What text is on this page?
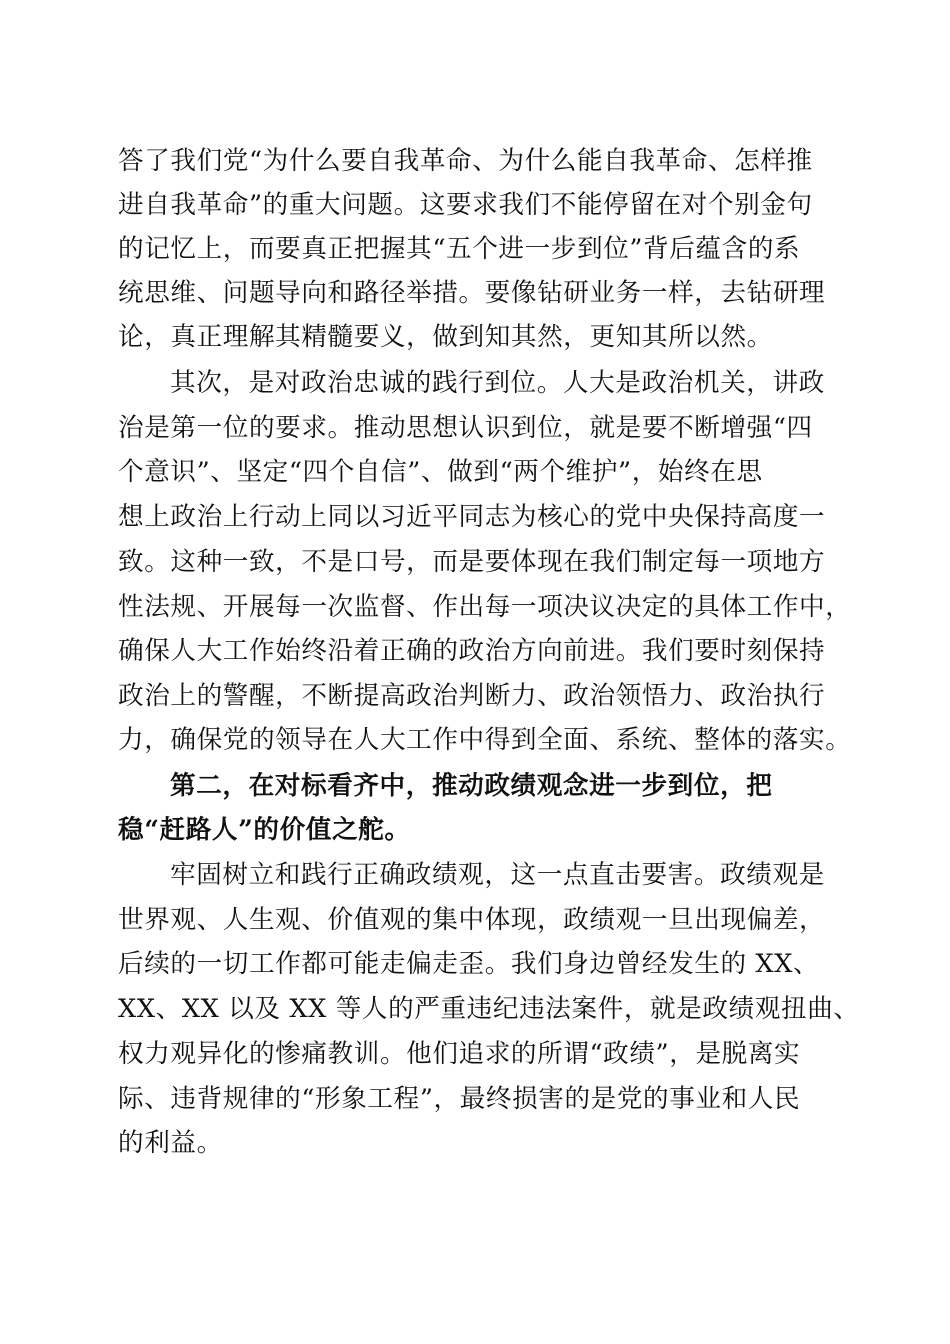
答了我们党“为什么要自我革命、为什么能自我革命、怎样推
进自我革命”的重大问题。这要求我们不能停留在对个别金句
的记忆上，而要真正把握其“五个进一步到位”背后蕴含的系
统思维、问题导向和路径举措。要像钻研业务一样，去钻研理
论，真正理解其精髓要义，做到知其然，更知其所以然。
其次，是对政治忠诚的践行到位。人大是政治机关，讲政
治是第一位的要求。推动思想认识到位，就是要不断增强“四
个意识”、坚定“四个自信”、做到“两个维护”，始终在思
想上政治上行动上同以习近平同志为核心的党中央保持高度一
致。这种一致，不是口号，而是要体现在我们制定每一项地方
性法规、开展每一次监督、作出每一项决议决定的具体工作中，
确保人大工作始终沿着正确的政治方向前进。我们要时刻保持
政治上的警醒，不断提高政治判断力、政治领悟力、政治执行
力，确保党的领导在人大工作中得到全面、系统、整体的落实。
第二，在对标看齐中，推动政绩观念进一步到位，把
稳“赶路人”的价值之舵。
牢固树立和践行正确政绩观，这一点直击要害。政绩观是
世界观、人生观、价值观的集中体现，政绩观一旦出现偏差，
后续的一切工作都可能走偏走歪。我们身边曾经发生的 XX、
XX、XX 以及 XX 等人的严重违纪违法案件，就是政绩观扭曲、
权力观异化的惨痛教训。他们追求的所谓“政绩”，是脱离实
际、违背规律的“形象工程”，最终损害的是党的事业和人民
的利益。
